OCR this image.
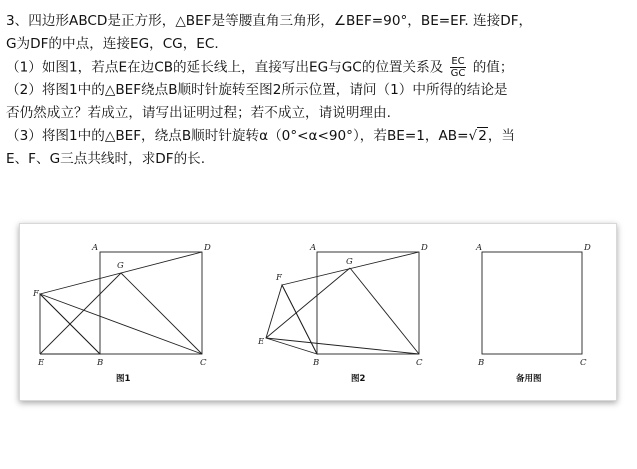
3、四边形ABCD是正方形，△BEF是等腰直角三角形，∠BEF=90°，BE=EF. 连接DF，
G为DF的中点，连接EG，CG，EC.
（1）如图1，若点E在边CB的延长线上，直接写出EG与GC的位置关系及 $\frac{EC}{GC}$ 的值；
（2）将图1中的△BEF绕点B顺时针旋转至图2所示位置，请问（1）中所得的结论是
否仍然成立？若成立，请写出证明过程；若不成立，请说明理由.
（3）将图1中的△BEF，绕点B顺时针旋转α（0°<α<90°），若BE=1，AB=√2，当
E、F、G三点共线时，求DF的长.
A	D
G
F
E	B	C
图1
A	D
G
F
E
B	C
图2
A	D
B	C
备用图
